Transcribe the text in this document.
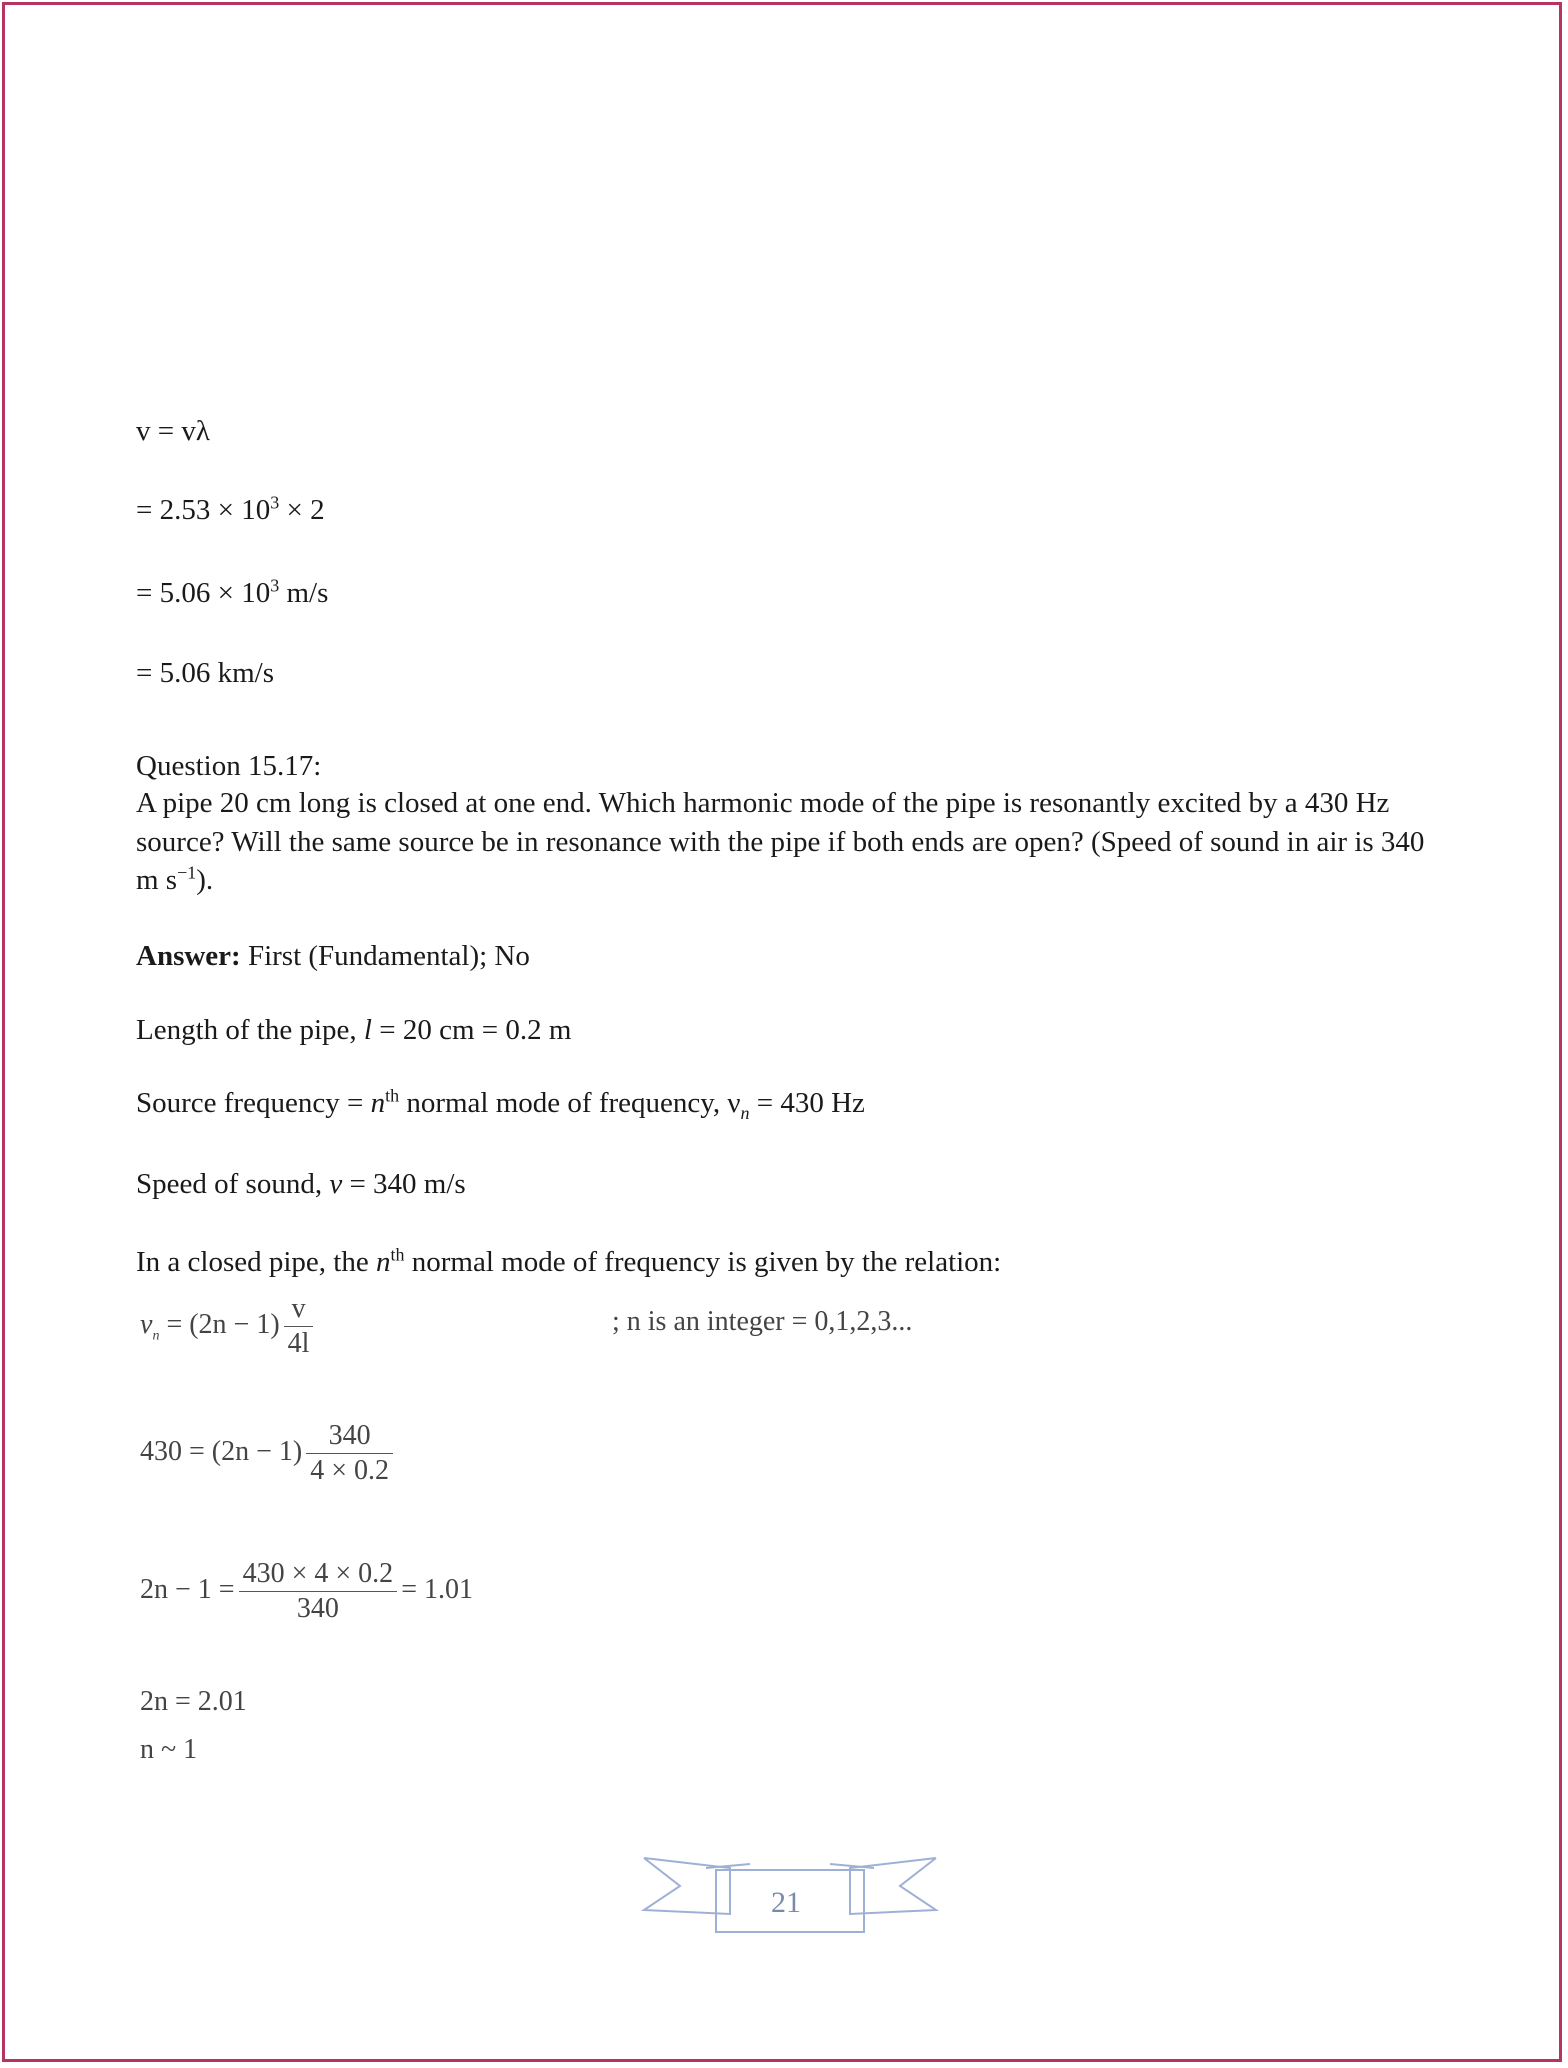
v = vλ
= $2.53 \times 10^3 \times 2$
= $5.06 \times 10^3$ m/s
= 5.06 km/s
Question 15.17:
A pipe 20 cm long is closed at one end. Which harmonic mode of the pipe is resonantly excited by a 430 Hz source? Will the same source be in resonance with the pipe if both ends are open? (Speed of sound in air is 340 m $s^{-1}$).
Answer: First (Fundamental); No
Length of the pipe, l = 20 cm = 0.2 m
Source frequency = $n^{th}$ normal mode of frequency, $\nu_n = 430$ Hz
Speed of sound, v = 340 m/s
In a closed pipe, the $n^{th}$ normal mode of frequency is given by the relation:
$\nu_n = (2n - 1) \frac{v}{4l}$	; n is an integer = 0,1,2,3...
$430 = (2n - 1) \frac{340}{4 \times 0.2}$
$2n - 1 = \frac{430 \times 4 \times 0.2}{340} = 1.01$
2n = 2.01
n ~ 1
21
